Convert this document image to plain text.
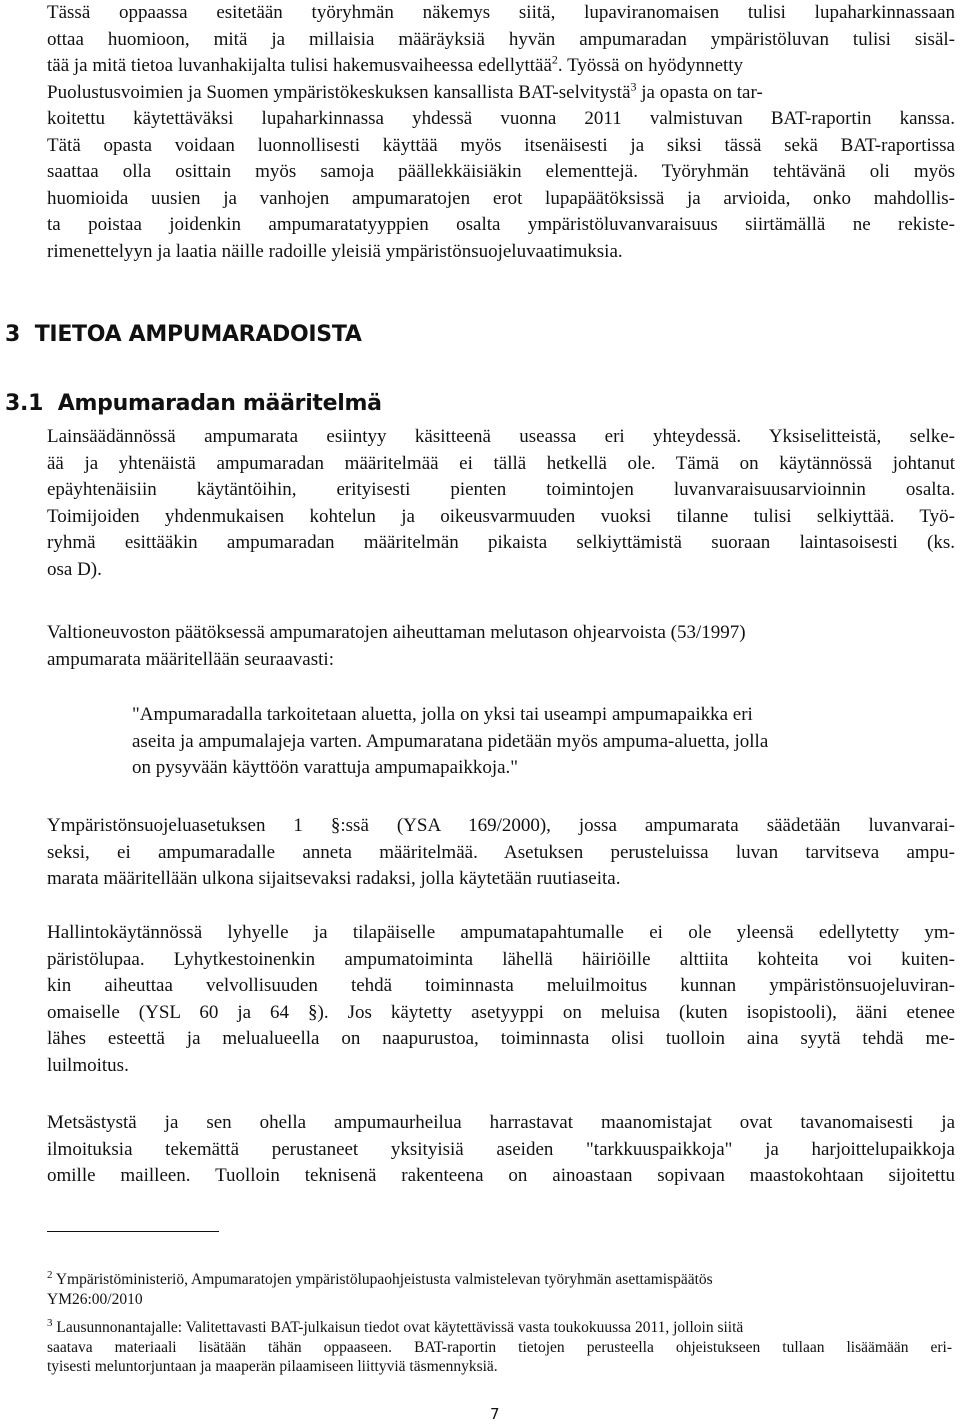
Tässä oppaassa esitetään työryhmän näkemys siitä, lupaviranomaisen tulisi lupaharkinnassaan
ottaa huomioon, mitä ja millaisia määräyksiä hyvän ampumaradan ympäristöluvan tulisi sisäl-
tää ja mitä tietoa luvanhakijalta tulisi hakemusvaiheessa edellyttää$^2$. Työssä on hyödynnetty
Puolustusvoimien ja Suomen ympäristökeskuksen kansallista BAT-selvitystä$^3$ ja opasta on tar-
koitettu käytettäväksi lupaharkinnassa yhdessä vuonna 2011 valmistuvan BAT-raportin kanssa.
Tätä opasta voidaan luonnollisesti käyttää myös itsenäisesti ja siksi tässä sekä BAT-raportissa
saattaa olla osittain myös samoja päällekkäisiäkin elementtejä. Työryhmän tehtävänä oli myös
huomioida uusien ja vanhojen ampumaratojen erot lupapäätöksissä ja arvioida, onko mahdollis-
ta poistaa joidenkin ampumaratatyyppien osalta ympäristöluvanvaraisuus siirtämällä ne rekiste-
rimenettelyyn ja laatia näille radoille yleisiä ympäristönsuojeluvaatimuksia.
3  TIETOA AMPUMARADOISTA
3.1  Ampumaradan määritelmä
Lainsäädännössä ampumarata esiintyy käsitteenä useassa eri yhteydessä. Yksiselitteistä, selke-
ää ja yhtenäistä ampumaradan määritelmää ei tällä hetkellä ole. Tämä on käytännössä johtanut
epäyhtenäisiin käytäntöihin, erityisesti pienten toimintojen luvanvaraisuusarvioinnin osalta.
Toimijoiden yhdenmukaisen kohtelun ja oikeusvarmuuden vuoksi tilanne tulisi selkiyttää. Työ-
ryhmä esittääkin ampumaradan määritelmän pikaista selkiyttämistä suoraan laintasoisesti (ks.
osa D).
Valtioneuvoston päätöksessä ampumaratojen aiheuttaman melutason ohjearvoista (53/1997)
ampumarata määritellään seuraavasti:
"Ampumaradalla tarkoitetaan aluetta, jolla on yksi tai useampi ampumapaikka eri
aseita ja ampumalajeja varten. Ampumaratana pidetään myös ampuma-aluetta, jolla
on pysyvään käyttöön varattuja ampumapaikkoja."
Ympäristönsuojeluasetuksen 1 §:ssä (YSA 169/2000), jossa ampumarata säädetään luvanvarai-
seksi, ei ampumaradalle anneta määritelmää. Asetuksen perusteluissa luvan tarvitseva ampu-
marata määritellään ulkona sijaitsevaksi radaksi, jolla käytetään ruutiaseita.
Hallintokäytännössä lyhyelle ja tilapäiselle ampumatapahtumalle ei ole yleensä edellytetty ym-
päristölupaa. Lyhytkestoinenkin ampumatoiminta lähellä häiriöille alttiita kohteita voi kuiten-
kin aiheuttaa velvollisuuden tehdä toiminnasta meluilmoitus kunnan ympäristönsuojeluviran-
omaiselle (YSL 60 ja 64 §). Jos käytetty asetyyppi on meluisa (kuten isopistooli), ääni etenee
lähes esteettä ja melualueella on naapurustoa, toiminnasta olisi tuolloin aina syytä tehdä me-
luilmoitus.
Metsästystä ja sen ohella ampumaurheilua harrastavat maanomistajat ovat tavanomaisesti ja
ilmoituksia tekemättä perustaneet yksityisiä aseiden "tarkkuuspaikkoja" ja harjoittelupaikkoja
omille mailleen. Tuolloin teknisenä rakenteena on ainoastaan sopivaan maastokohtaan sijoitettu
$^2$ Ympäristöministeriö, Ampumaratojen ympäristölupaohjeistusta valmistelevan työryhmän asettamispäätös
YM26:00/2010
$^3$ Lausunnonantajalle: Valitettavasti BAT-julkaisun tiedot ovat käytettävissä vasta toukokuussa 2011, jolloin siitä
saatava materiaali lisätään tähän oppaaseen. BAT-raportin tietojen perusteella ohjeistukseen tullaan lisäämään eri-
tyisesti meluntorjuntaan ja maaperän pilaamiseen liittyviä täsmennyksiä.
7
